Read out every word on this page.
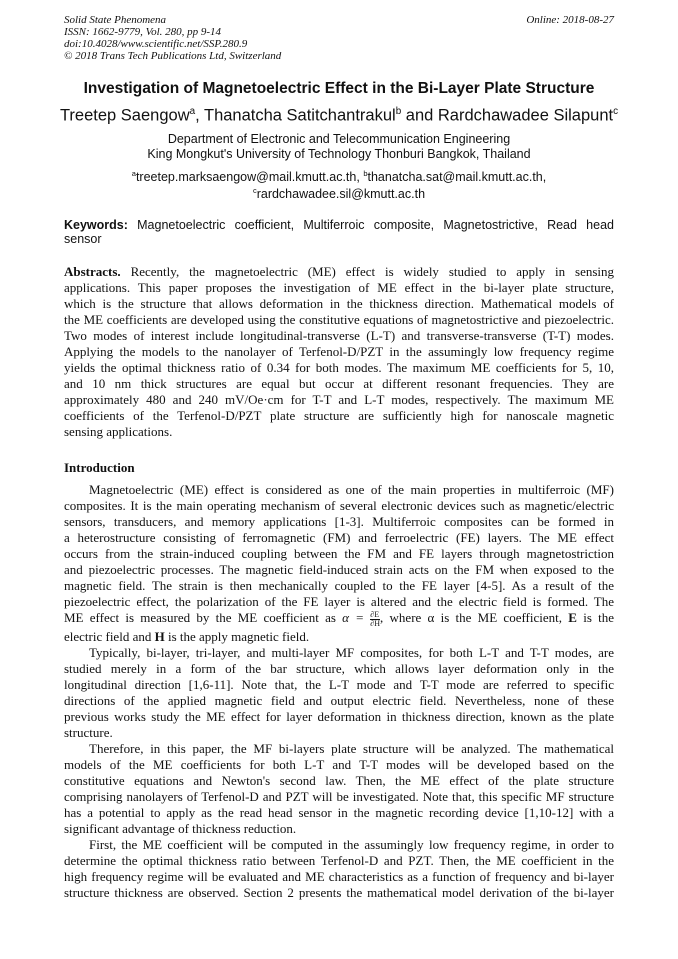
Solid State Phenomena
ISSN: 1662-9779, Vol. 280, pp 9-14
doi:10.4028/www.scientific.net/SSP.280.9
© 2018 Trans Tech Publications Ltd, Switzerland
Online: 2018-08-27
Investigation of Magnetoelectric Effect in the Bi-Layer Plate Structure
Treetep Saengow$^a$, Thanatcha Satitchantrakul$^b$ and Rardchawadee Silapunt$^c$
Department of Electronic and Telecommunication Engineering
King Mongkut's University of Technology Thonburi Bangkok, Thailand
$^a$treetep.marksaengow@mail.kmutt.ac.th, $^b$thanatcha.sat@mail.kmutt.ac.th,
$^c$rardchawadee.sil@kmutt.ac.th
Keywords: Magnetoelectric coefficient, Multiferroic composite, Magnetostrictive, Read head sensor
Abstracts. Recently, the magnetoelectric (ME) effect is widely studied to apply in sensing
applications. This paper proposes the investigation of ME effect in the bi-layer plate structure,
which is the structure that allows deformation in the thickness direction. Mathematical models of
the ME coefficients are developed using the constitutive equations of magnetostrictive and piezoelectric.
Two modes of interest include longitudinal-transverse (L-T) and transverse-transverse (T-T) modes.
Applying the models to the nanolayer of Terfenol-D/PZT in the assumingly low frequency regime
yields the optimal thickness ratio of 0.34 for both modes. The maximum ME coefficients for 5, 10,
and 10 nm thick structures are equal but occur at different resonant frequencies. They are
approximately 480 and 240 mV/Oe·cm for T-T and L-T modes, respectively. The maximum ME
coefficients of the Terfenol-D/PZT plate structure are sufficiently high for nanoscale magnetic
sensing applications.
Introduction
Magnetoelectric (ME) effect is considered as one of the main properties in multiferroic (MF)
composites. It is the main operating mechanism of several electronic devices such as magnetic/electric
sensors, transducers, and memory applications [1-3]. Multiferroic composites can be formed in
a heterostructure consisting of ferromagnetic (FM) and ferroelectric (FE) layers. The ME effect
occurs from the strain-induced coupling between the FM and FE layers through magnetostriction
and piezoelectric processes. The magnetic field-induced strain acts on the FM when exposed to the
magnetic field. The strain is then mechanically coupled to the FE layer [4-5]. As a result of the
piezoelectric effect, the polarization of the FE layer is altered and the electric field is formed. The
ME effect is measured by the ME coefficient as $\alpha = \frac{\partial E}{\partial H}$ , where α is the ME coefficient, E is the
electric field and H is the apply magnetic field.
Typically, bi-layer, tri-layer, and multi-layer MF composites, for both L-T and T-T modes, are
studied merely in a form of the bar structure, which allows layer deformation only in the
longitudinal direction [1,6-11]. Note that, the L-T mode and T-T mode are referred to specific
directions of the applied magnetic field and output electric field. Nevertheless, none of these
previous works study the ME effect for layer deformation in thickness direction, known as the plate
structure.
Therefore, in this paper, the MF bi-layers plate structure will be analyzed. The mathematical
models of the ME coefficients for both L-T and T-T modes will be developed based on the
constitutive equations and Newton's second law. Then, the ME effect of the plate structure
comprising nanolayers of Terfenol-D and PZT will be investigated. Note that, this specific MF structure
has a potential to apply as the read head sensor in the magnetic recording device [1,10-12] with a
significant advantage of thickness reduction.
First, the ME coefficient will be computed in the assumingly low frequency regime, in order to
determine the optimal thickness ratio between Terfenol-D and PZT. Then, the ME coefficient in the
high frequency regime will be evaluated and ME characteristics as a function of frequency and bi-layer
structure thickness are observed. Section 2 presents the mathematical model derivation of the bi-layer
